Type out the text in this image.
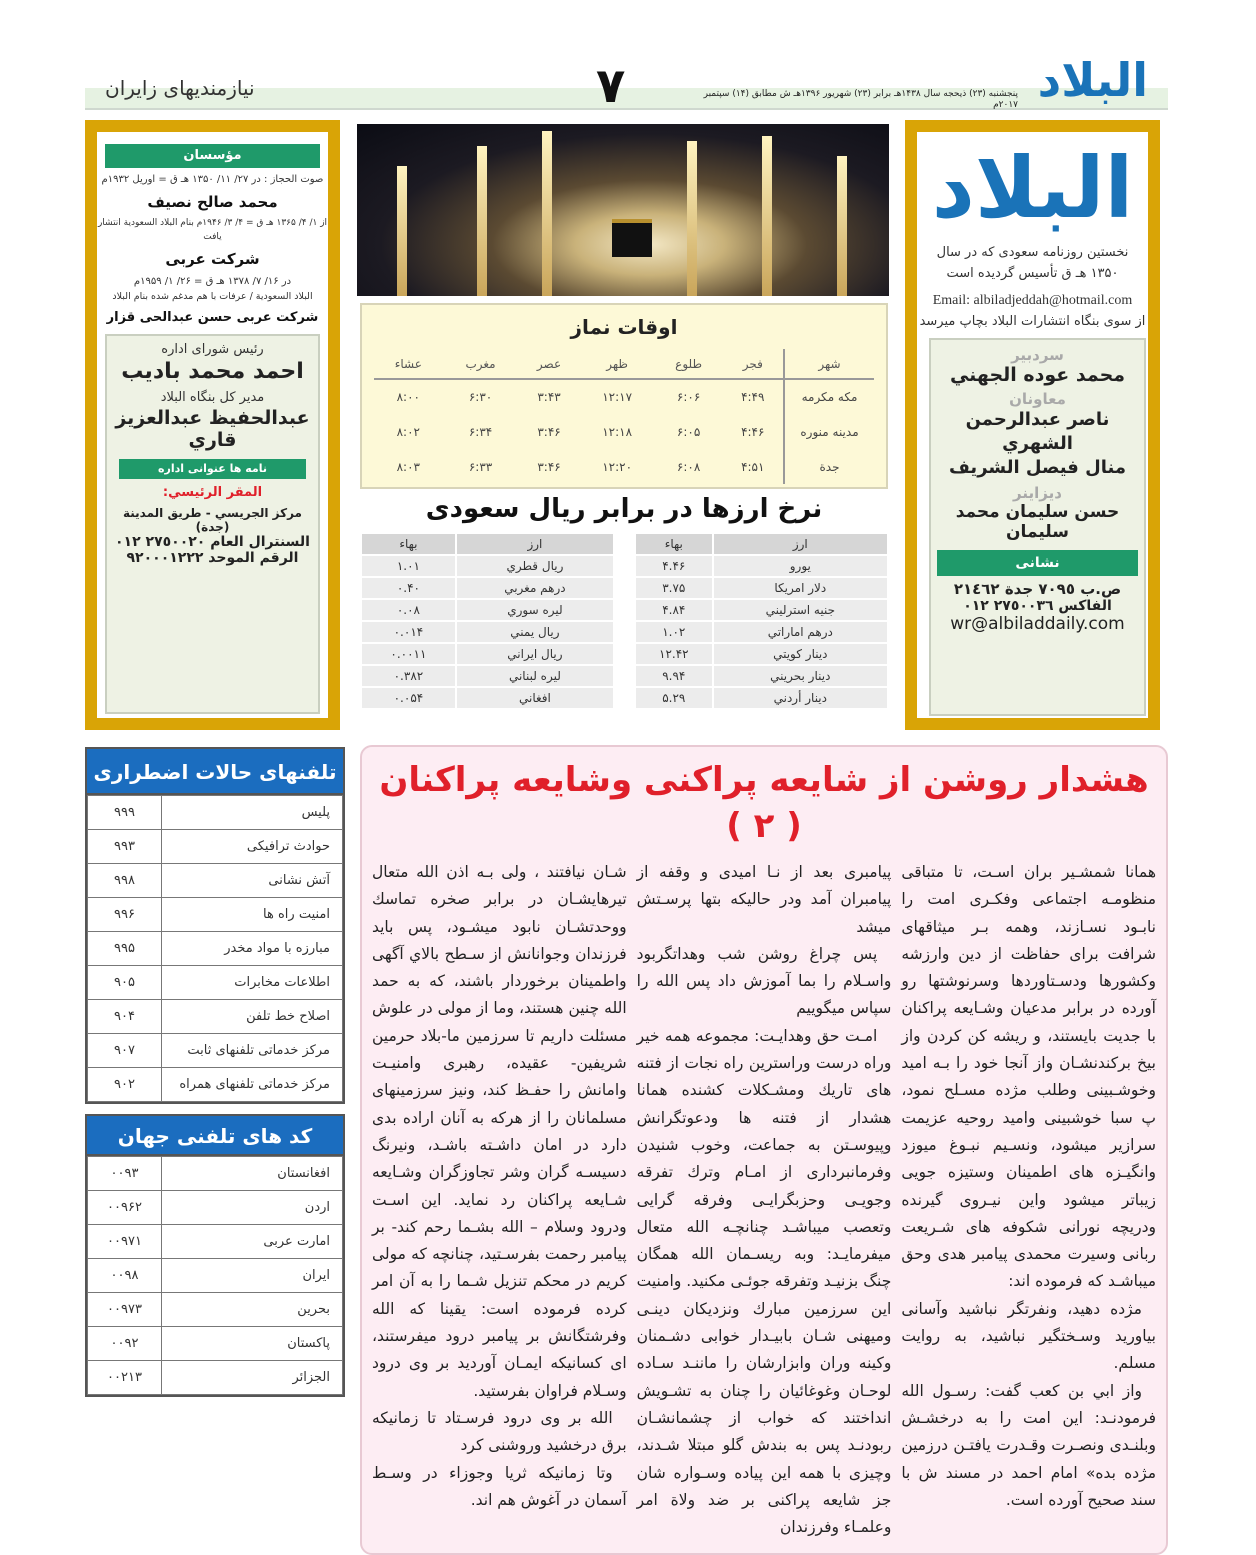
البلاد
پنجشنبه (۲۳) ذیحجه سال ۱۴۳۸هـ برابر (۲۳) شهریور ۱۳۹۶هـ ش مطابق (۱۴) سپتمبر ۲۰۱۷م
۷
نیازمندیهای زایران
البلاد
نخستین روزنامه سعودی که در سال
۱۳۵۰ هـ ق تأسیس گردیده است
Email: albiladjeddah@hotmail.com
از سوی بنگاه انتشارات البلاد بچاپ میرسد
سردبیر
محمد عوده الجهني
معاونان
ناصر عبدالرحمن الشهري
منال فيصل الشريف
ديزاينر
حسن سليمان محمد سليمان
نشانی
ص.ب ٧٠٩٥ جدة ٢١٤٦٢
الفاكس ٢٧٥٠٠٣٦ ٠١٢
wr@albiladdaily.com
مؤسسان
صوت الحجاز : در ۲۷/ ۱۱/ ۱۳۵۰ هـ ق = اوریل ۱۹۳۲م
محمد صالح نصيف
از ۱/ ۴/ ۱۳۶۵ هـ ق = ۴/ ۳/ ۱۹۴۶م بنام البلاد السعودية انتشار يافت
شركت عربى
در ۱۶/ ۷/ ۱۳۷۸ هـ ق = ۲۶/ ۱/ ۱۹۵۹م
البلاد السعودية / عرفات با هم مدغم شده بنام البلاد
شركت عربى حسن عبدالحى قزار
رئیس شورای اداره
احمد محمد باديب
مدير كل بنگاه البلاد
عبدالحفيظ عبدالعزيز قاري
نامه ها عنوانى اداره
المقر الرئيسي:
مركز الجريسي - طريق المدينة (جدة)
السنترال العام ٢٧٥٠٠٢٠ ٠١٢
الرقم الموحد ٩٢٠٠٠١٢٢٢
اوقات نماز
شهر	فجر	طلوع	ظهر	عصر	مغرب	عشاء
مكه مكرمه	۴:۴۹	۶:۰۶	۱۲:۱۷	۳:۴۳	۶:۳۰	۸:۰۰
مدینه منوره	۴:۴۶	۶:۰۵	۱۲:۱۸	۳:۴۶	۶:۳۴	۸:۰۲
جدة	۴:۵۱	۶:۰۸	۱۲:۲۰	۳:۴۶	۶:۳۳	۸:۰۳
نرخ ارزها در برابر ريال سعودى
ارز	بهاء
يورو	۴.۴۶
دلار امريكا	۳.۷۵
جنيه استرليني	۴.۸۴
درهم اماراتي	۱.۰۲
دينار كويتي	۱۲.۴۲
دينار بحريني	۹.۹۴
دينار أردني	۵.۲۹
ارز	بهاء
ريال قطري	۱.۰۱
درهم مغربي	۰.۴۰
ليره سوري	۰.۰۸
ريال يمني	۰.۰۱۴
ريال ايراني	۰.۰۰۱۱
ليره لبناني	۰.۳۸۲
افغاني	۰.۰۵۴
تلفنهای حالات اضطراری
پلیس	۹۹۹
حوادث ترافیکی	۹۹۳
آتش نشانی	۹۹۸
امنیت راه ها	۹۹۶
مبارزه با مواد مخدر	۹۹۵
اطلاعات مخابرات	۹۰۵
اصلاح خط تلفن	۹۰۴
مرکز خدماتی تلفنهای ثابت	۹۰۷
مرکز خدماتی تلفنهای همراه	۹۰۲
کد های تلفنی جهان
افغانستان	۰۰۹۳
اردن	۰۰۹۶۲
امارت عربی	۰۰۹۷۱
ایران	۰۰۹۸
بحرین	۰۰۹۷۳
پاکستان	۰۰۹۲
الجزائر	۰۰۲۱۳
هشدار روشن از شایعه پراکنی وشایعه پراکنان ( ۲ )

همانا شمشـیر بران اسـت، تا متباقی منظومـه اجتماعی وفکـری امت را نابـود نسـازند، وهمه بـر میثاقهای شرافت برای حفاظت از دین وارزشه وکشورها ودسـتاوردها وسرنوشتها رو آورده در برابر مدعیان وشـایعه پراکنان با جدیت بایستند، و ریشه کن کردن واز بیخ برکندنشـان واز آنجا خود را بـه امید وخوشـبینی وطلب مژده مسـلح نمود، پ سبا خوشبینی وامید روحیه عزیمت سرازیر میشود، ونسـیم نبـوغ میوزد وانگیـزه های اطمینان وستیزه جویی زیباتر میشود واین نیـروی گیرنده ودریچه نورانی شکوفه های شـریعت ربانی وسیرت محمدی پیامبر هدی وحق میباشـد که فرموده اند:

مژده دهید، ونفرتگر نباشید وآسانی بیاورید وسـختگیر نباشید، به روایت مسلم.

واز ابي بن كعب گفت: رسـول الله فرمودنـد: این امت را به درخشـش وبلنـدی ونصـرت وقـدرت یافتـن درزمین مژده بده» امام احمد در مسند ش با سند صحیح آورده است.

پیامبری بعد از نـا امیدی و وقفه از پیامبران آمد ودر حالیکه بتها پرسـتش میشد

پس چراغ روشن شب وهداتگربود واسـلام را بما آموزش داد پس الله را سپاس میگوییم

امـت حق وهدایـت: مجموعه همه خیر وراه درست وراسترین راه نجات از فتنه های تاريك ومشـكلات كشنده همانا هشدار از فتنه ها ودعوتگرانش وپیوسـتن به جماعت، وخوب شنیدن وفرمانبرداری از امـام وترك تفرقه وجویـی وحزبگرایـی وفرقه گرایی وتعصب میباشـد چنانچـه الله متعال میفرمایـد: وبه ریسـمان الله همگان چنگ بزنیـد وتفرقه جوئـی مکنید. وامنیت این سرزمین مبارك ونزدیکان دینـی ومیهنی شـان بابیـدار خوابی دشـمنان وکینه وران وابزارشان را ماننـد سـاده لوحـان وغوغائیان را چنان به تشـویش انداختند که خواب از چشمانشـان ربودنـد پس به بندش گلو مبتلا شـدند، وچیزی با همه این پیاده وسـواره شان جز شایعه پراکنی بر ضد ولاة امر وعلمـاء وفرزندان

شـان نیافتند ، ولی بـه اذن الله متعال تیرهایشـان در برابر صخره تماسك ووحدتشـان نابود میشـود، پس باید فرزندان وجوانانش از سـطح بالاي آگهی واطمینان برخوردار باشند، که به حمد الله چنین هستند، وما از مولی در علوش مسئلت داریم تا سرزمین ما-بلاد حرمین شریفین- عقیده، رهبری وامنیـت وامانش را حفـظ کند، ونیز سرزمینهای مسلمانان را از هرکه به آنان اراده بدی دارد در امان داشـته باشـد، ونیرنگ دسیسـه گران وشر تجاوزگران وشـایعه شـایعه پراکنان رد نماید. این اسـت ودرود وسلام – الله بشـما رحم کند- بر پیامبر رحمت بفرسـتید، چنانچه که مولی کریم در محکم تنزیل شـما را به آن امر کرده فرموده است: یقینا که الله وفرشتگانش بر پیامبر درود میفرستند، ای کسانیکه ایمـان آوردید بر وی درود وسـلام فراوان بفرستید.

الله بر وی درود فرسـتاد تا زمانیکه برق درخشید وروشنی کرد

وتا زمانیکه ثریا وجوزاء در وسـط آسمان در آغوش هم اند.
